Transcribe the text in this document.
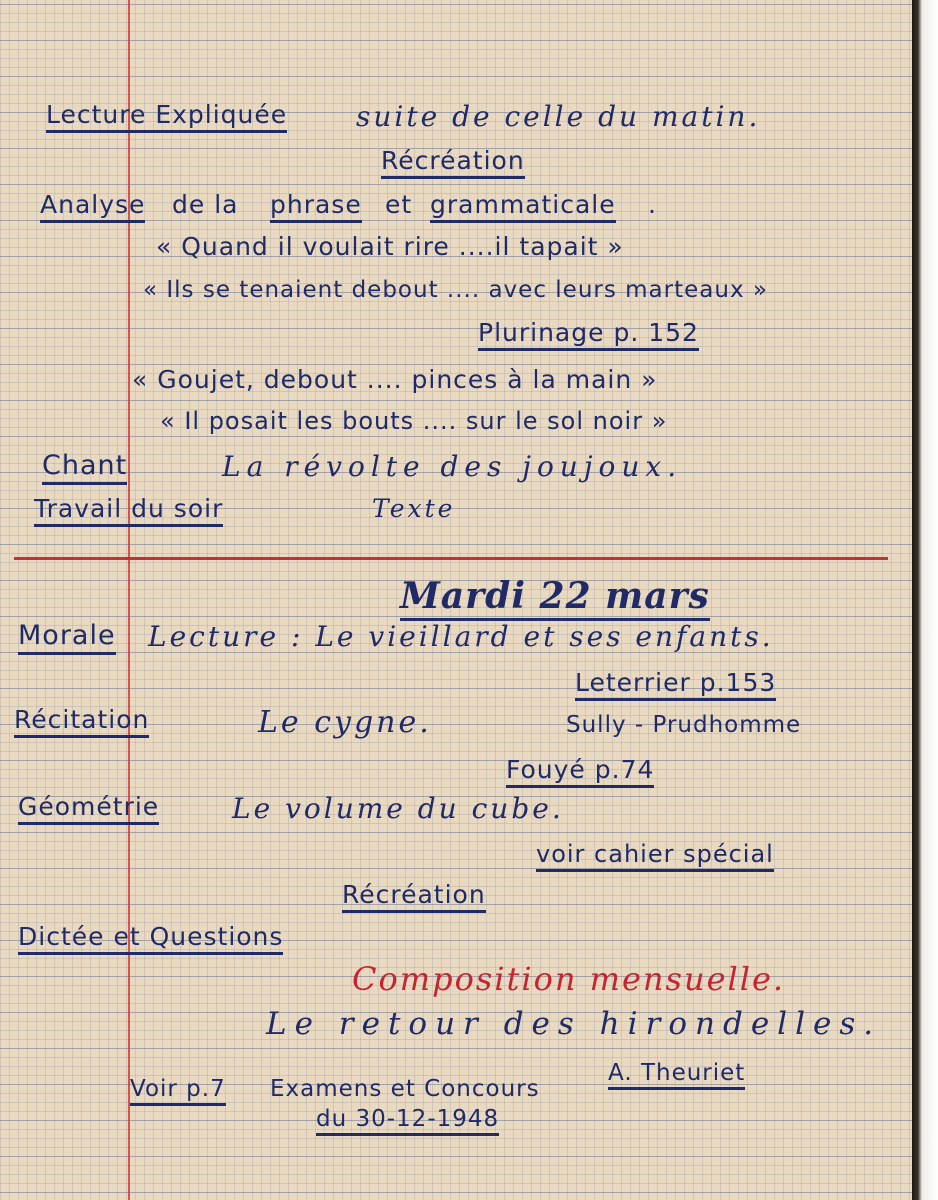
Lecture Expliquée suite de celle du matin.
Récréation
Analyse de la phrase et grammaticale .
« Quand il voulait rire ....il tapait »
« Ils se tenaient debout .... avec leurs marteaux »
Plurinage p. 152
« Goujet, debout .... pinces à la main »
« Il posait les bouts .... sur le sol noir »
Chant	La révolte des joujoux.
Travail du soir	Texte
Mardi 22 mars
Morale Lecture : Le vieillard et ses enfants.
Leterrier p.153
Récitation	Le cygne.	Sully - Prudhomme
Fouyé p.74
Géométrie	Le volume du cube.
voir cahier spécial
Récréation
Dictée et Questions
Composition mensuelle.
Le retour des hirondelles.
A. Theuriet
Voir p.7 Examens et Concours
du 30-12-1948
